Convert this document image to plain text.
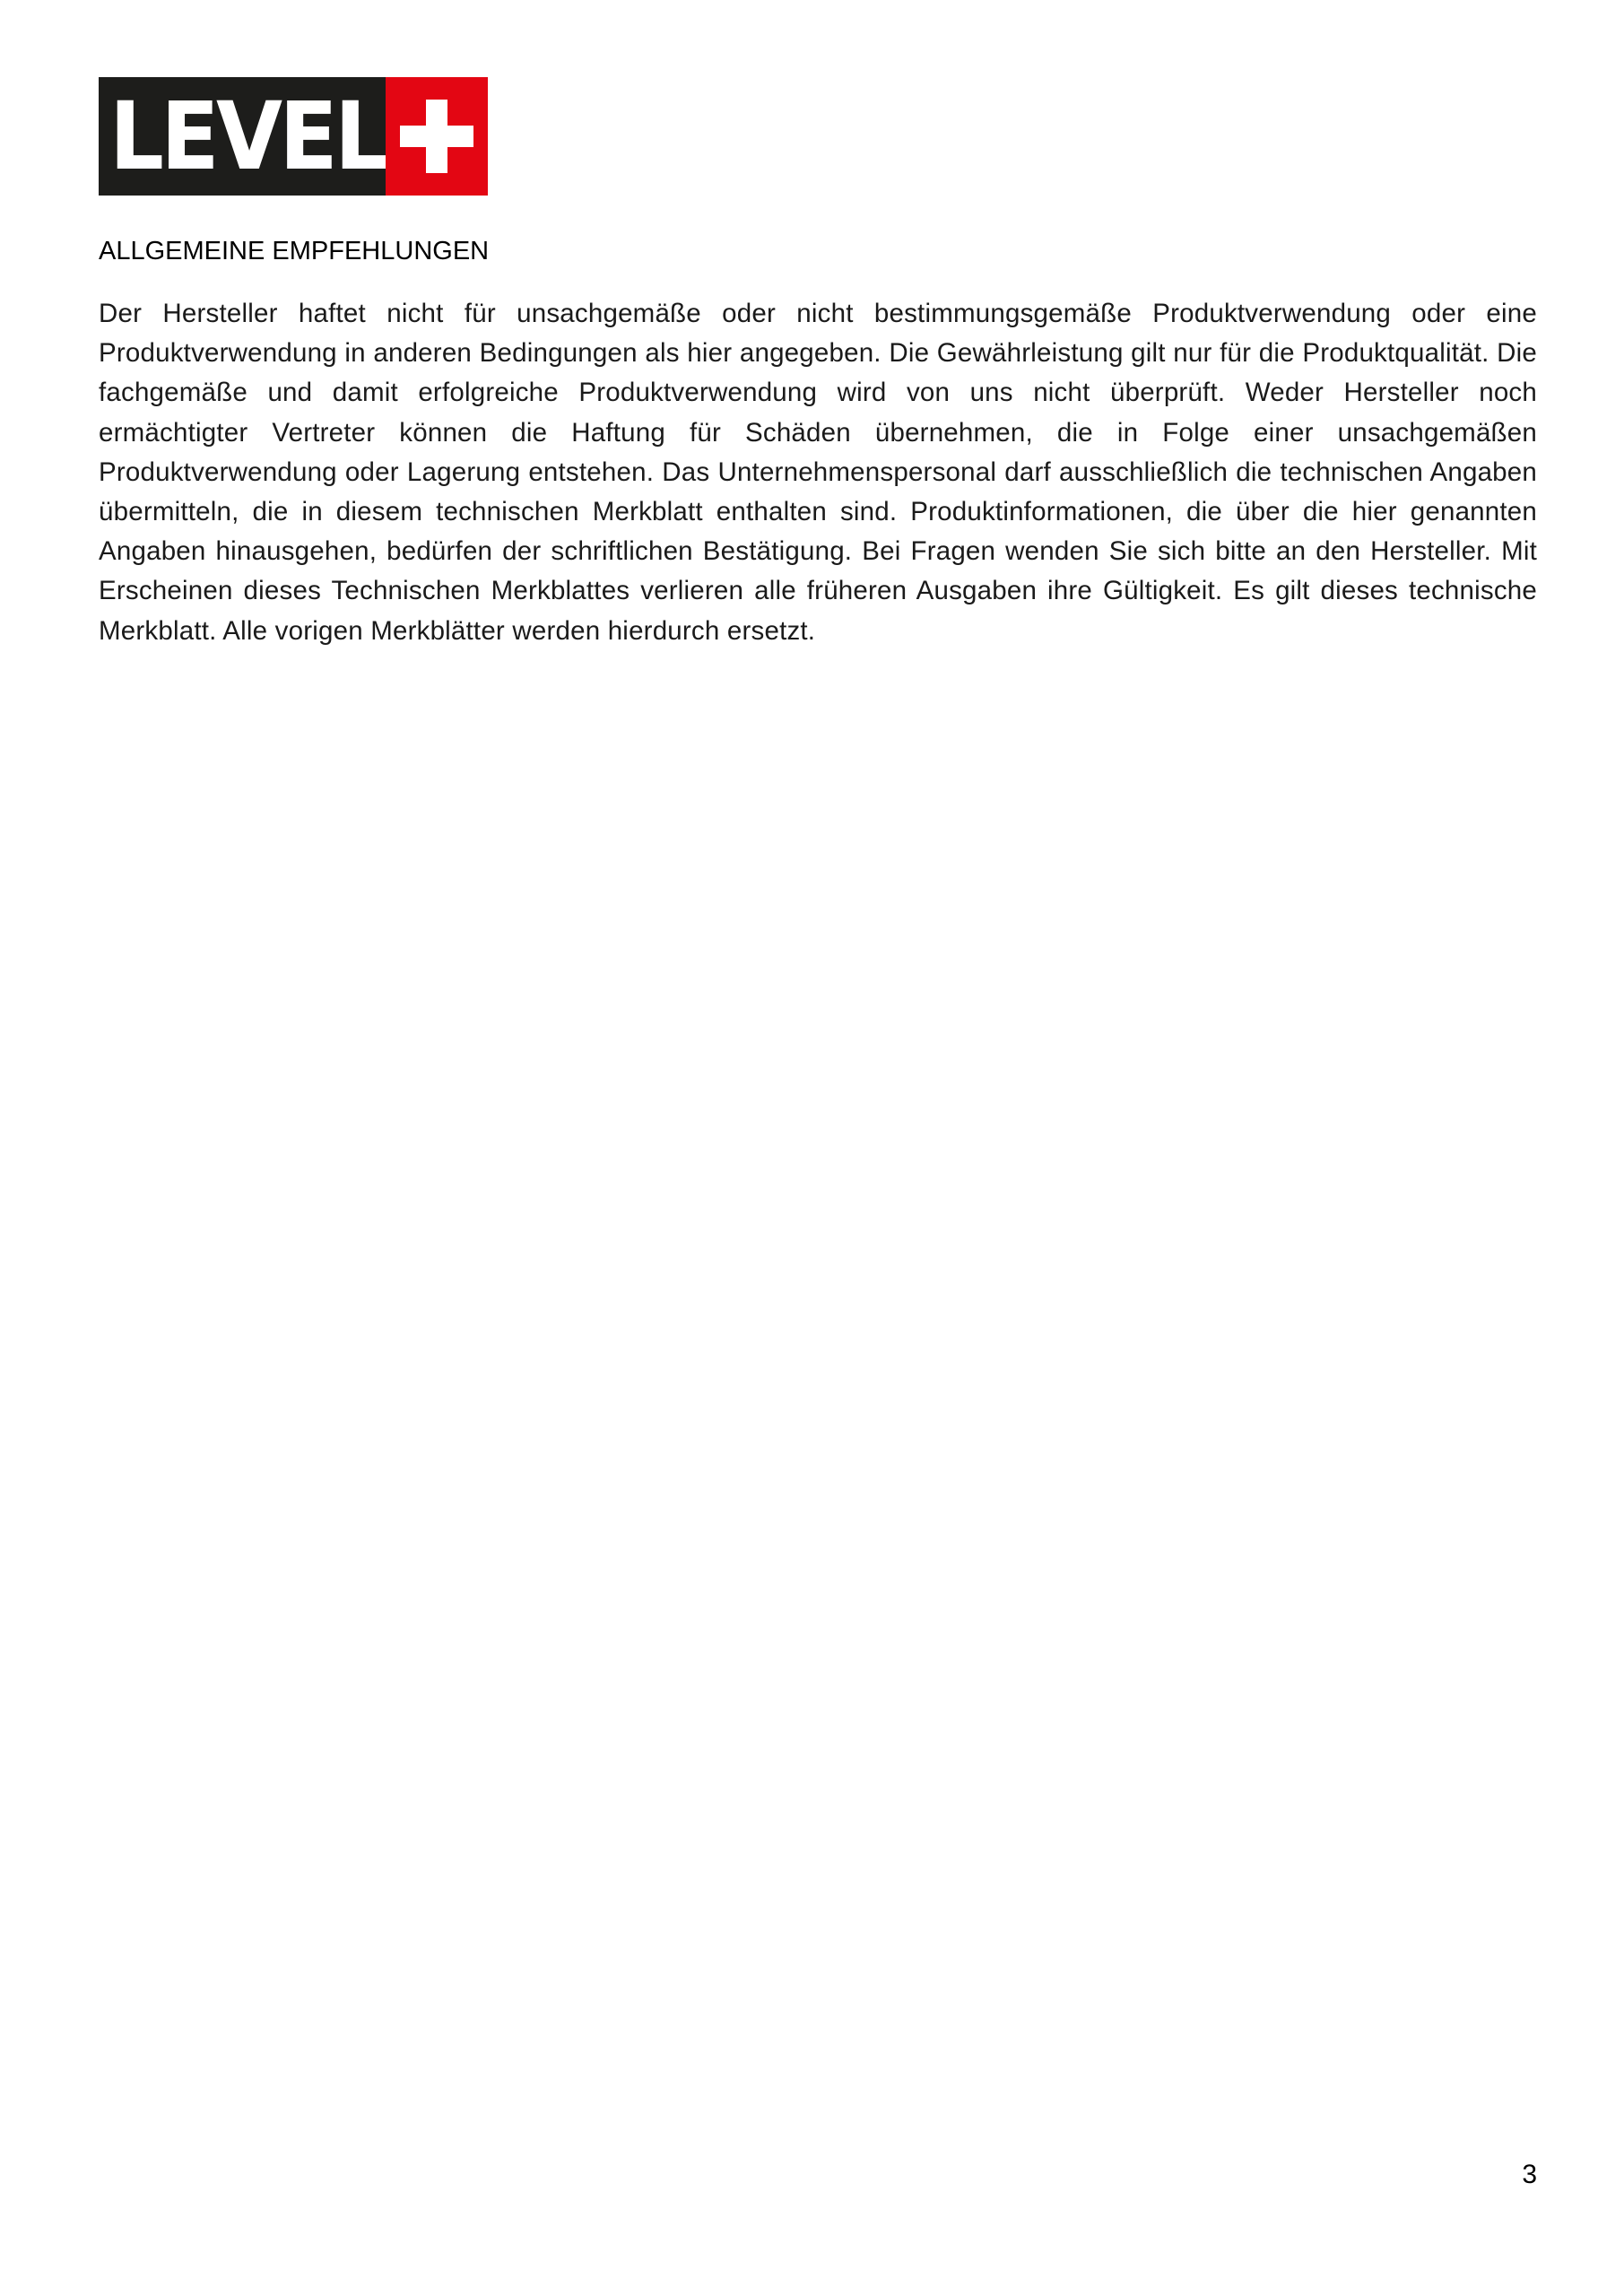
LEVEL
ALLGEMEINE EMPFEHLUNGEN

Der Hersteller haftet nicht für unsachgemäße oder nicht bestimmungsgemäße Produktverwendung oder eine Produktverwendung in anderen Bedingungen als hier angegeben. Die Gewährleistung gilt nur für die Produktqualität. Die fachgemäße und damit erfolgreiche Produktverwendung wird von uns nicht überprüft. Weder Hersteller noch ermächtigter Vertreter können die Haftung für Schäden übernehmen, die in Folge einer unsachgemäßen Produktverwendung oder Lagerung entstehen. Das Unternehmenspersonal darf ausschließlich die technischen Angaben übermitteln, die in diesem technischen Merkblatt enthalten sind. Produktinformationen, die über die hier genannten Angaben hinausgehen, bedürfen der schriftlichen Bestätigung. Bei Fragen wenden Sie sich bitte an den Hersteller. Mit Erscheinen dieses Technischen Merkblattes verlieren alle früheren Ausgaben ihre Gültigkeit. Es gilt dieses technische Merkblatt. Alle vorigen Merkblätter werden hierdurch ersetzt.

3
